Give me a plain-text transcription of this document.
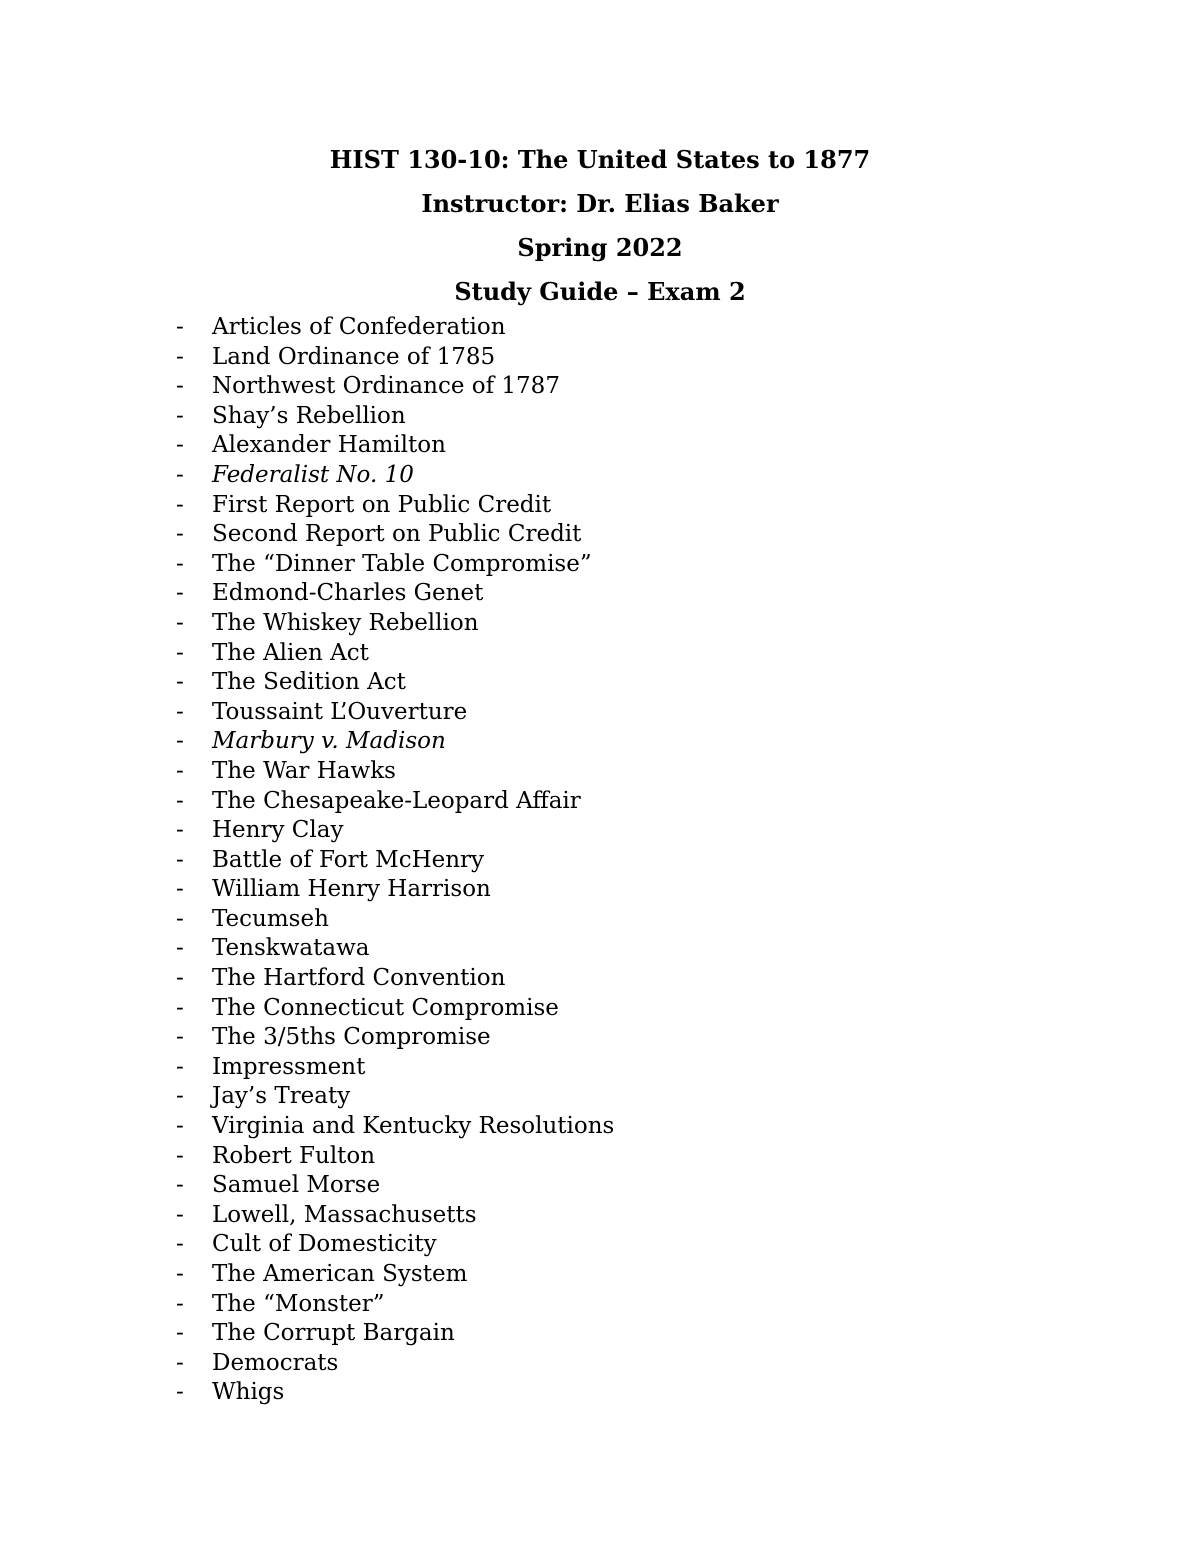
HIST 130-10: The United States to 1877
Instructor: Dr. Elias Baker
Spring 2022
Study Guide – Exam 2
-	Articles of Confederation
-	Land Ordinance of 1785
-	Northwest Ordinance of 1787
-	Shay’s Rebellion
-	Alexander Hamilton
-	Federalist No. 10
-	First Report on Public Credit
-	Second Report on Public Credit
-	The “Dinner Table Compromise”
-	Edmond-Charles Genet
-	The Whiskey Rebellion
-	The Alien Act
-	The Sedition Act
-	Toussaint L’Ouverture
-	Marbury v. Madison
-	The War Hawks
-	The Chesapeake-Leopard Affair
-	Henry Clay
-	Battle of Fort McHenry
-	William Henry Harrison
-	Tecumseh
-	Tenskwatawa
-	The Hartford Convention
-	The Connecticut Compromise
-	The 3/5ths Compromise
-	Impressment
-	Jay’s Treaty
-	Virginia and Kentucky Resolutions
-	Robert Fulton
-	Samuel Morse
-	Lowell, Massachusetts
-	Cult of Domesticity
-	The American System
-	The “Monster”
-	The Corrupt Bargain
-	Democrats
-	Whigs
